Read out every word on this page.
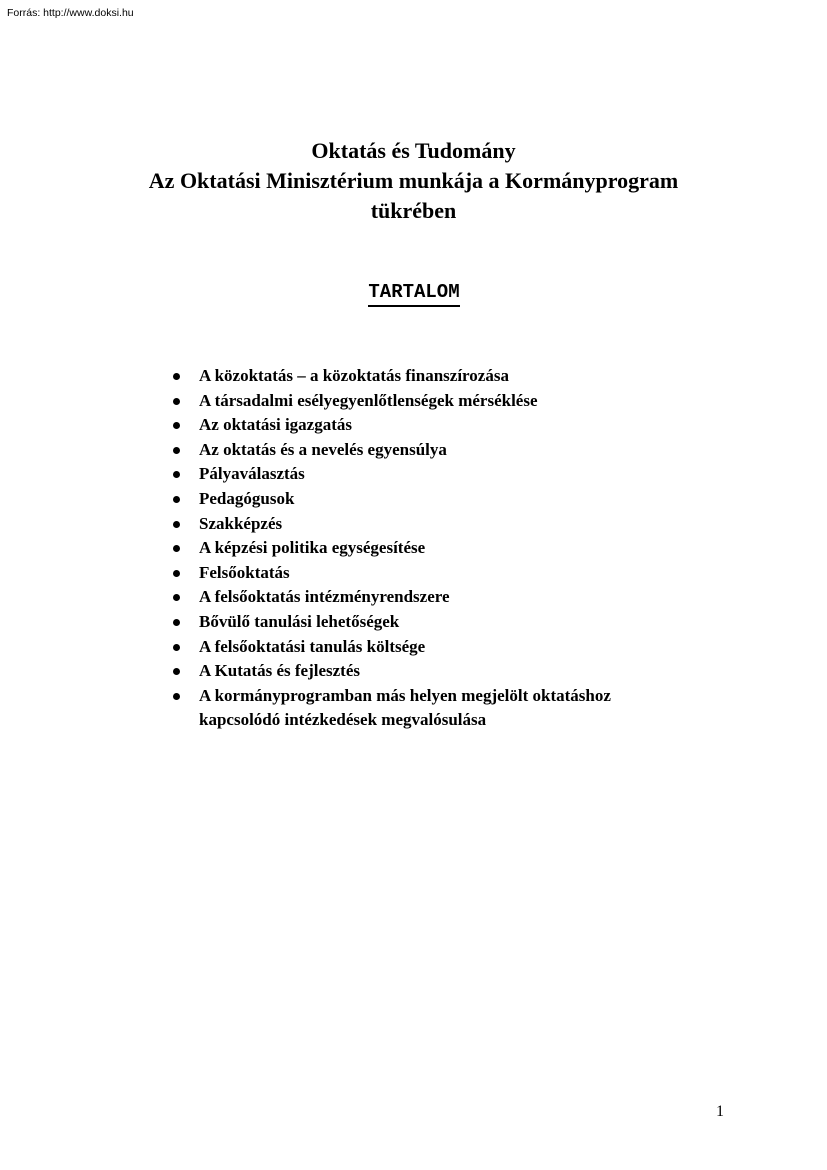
Forrás: http://www.doksi.hu
Oktatás és Tudomány
Az Oktatási Minisztérium munkája a Kormányprogram
tükrében
TARTALOM
A közoktatás – a közoktatás finanszírozása
A társadalmi esélyegyenlőtlenségek mérséklése
Az oktatási igazgatás
Az oktatás és a nevelés egyensúlya
Pályaválasztás
Pedagógusok
Szakképzés
A képzési politika egységesítése
Felsőoktatás
A felsőoktatás intézményrendszere
Bővülő tanulási lehetőségek
A felsőoktatási tanulás költsége
A Kutatás és fejlesztés
A kormányprogramban más helyen megjelölt oktatáshoz kapcsolódó intézkedések megvalósulása
1
